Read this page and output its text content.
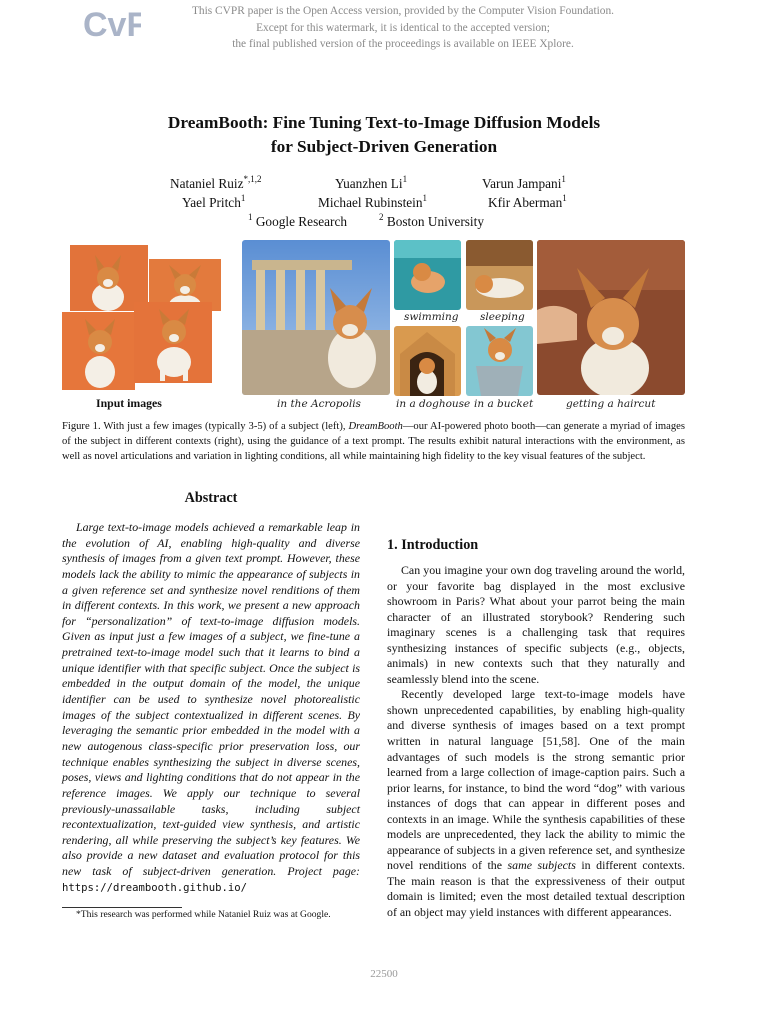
CvF	This CVPR paper is the Open Access version, provided by the Computer Vision Foundation.
Except for this watermark, it is identical to the accepted version;
the final published version of the proceedings is available on IEEE Xplore.
DreamBooth: Fine Tuning Text-to-Image Diffusion Models
for Subject-Driven Generation
Nataniel Ruiz$^{*,1,2}$	Yuanzhen Li$^1$	Varun Jampani$^1$
Yael Pritch$^1$	Michael Rubinstein$^1$	Kfir Aberman$^1$
$^1$ Google Research	$^2$ Boston University
Input images	in the Acropolis
swimming sleeping
in a doghouse in a bucket	getting a haircut
Figure 1. With just a few images (typically 3-5) of a subject (left), DreamBooth—our AI-powered photo booth—can generate a myriad of images of the subject in different contexts (right), using the guidance of a text prompt. The results exhibit natural interactions with the environment, as well as novel articulations and variation in lighting conditions, all while maintaining high fidelity to the key visual features of the subject.
Abstract
Large text-to-image models achieved a remarkable leap in the evolution of AI, enabling high-quality and diverse synthesis of images from a given text prompt. However, these models lack the ability to mimic the appearance of subjects in a given reference set and synthesize novel renditions of them in different contexts. In this work, we present a new approach for “personalization” of text-to-image diffusion models. Given as input just a few images of a subject, we fine-tune a pretrained text-to-image model such that it learns to bind a unique identifier with that specific subject. Once the subject is embedded in the output domain of the model, the unique identifier can be used to synthesize novel photorealistic images of the subject contextualized in different scenes. By leveraging the semantic prior embedded in the model with a new autogenous class-specific prior preservation loss, our technique enables synthesizing the subject in diverse scenes, poses, views and lighting conditions that do not appear in the reference images. We apply our technique to several previously-unassailable tasks, including subject recontextualization, text-guided view synthesis, and artistic rendering, all while preserving the subject’s key features. We also provide a new dataset and evaluation protocol for this new task of subject-driven generation. Project page: https://dreambooth.github.io/
*This research was performed while Nataniel Ruiz was at Google.
1. Introduction

Can you imagine your own dog traveling around the world, or your favorite bag displayed in the most exclusive showroom in Paris? What about your parrot being the main character of an illustrated storybook? Rendering such imaginary scenes is a challenging task that requires synthesizing instances of specific subjects (e.g., objects, animals) in new contexts such that they naturally and seamlessly blend into the scene.

Recently developed large text-to-image models have shown unprecedented capabilities, by enabling high-quality and diverse synthesis of images based on a text prompt written in natural language [51,58]. One of the main advantages of such models is the strong semantic prior learned from a large collection of image-caption pairs. Such a prior learns, for instance, to bind the word “dog” with various instances of dogs that can appear in different poses and contexts in an image. While the synthesis capabilities of these models are unprecedented, they lack the ability to mimic the appearance of subjects in a given reference set, and synthesize novel renditions of the same subjects in different contexts. The main reason is that the expressiveness of their output domain is limited; even the most detailed textual description of an object may yield instances with different appearances.

22500
